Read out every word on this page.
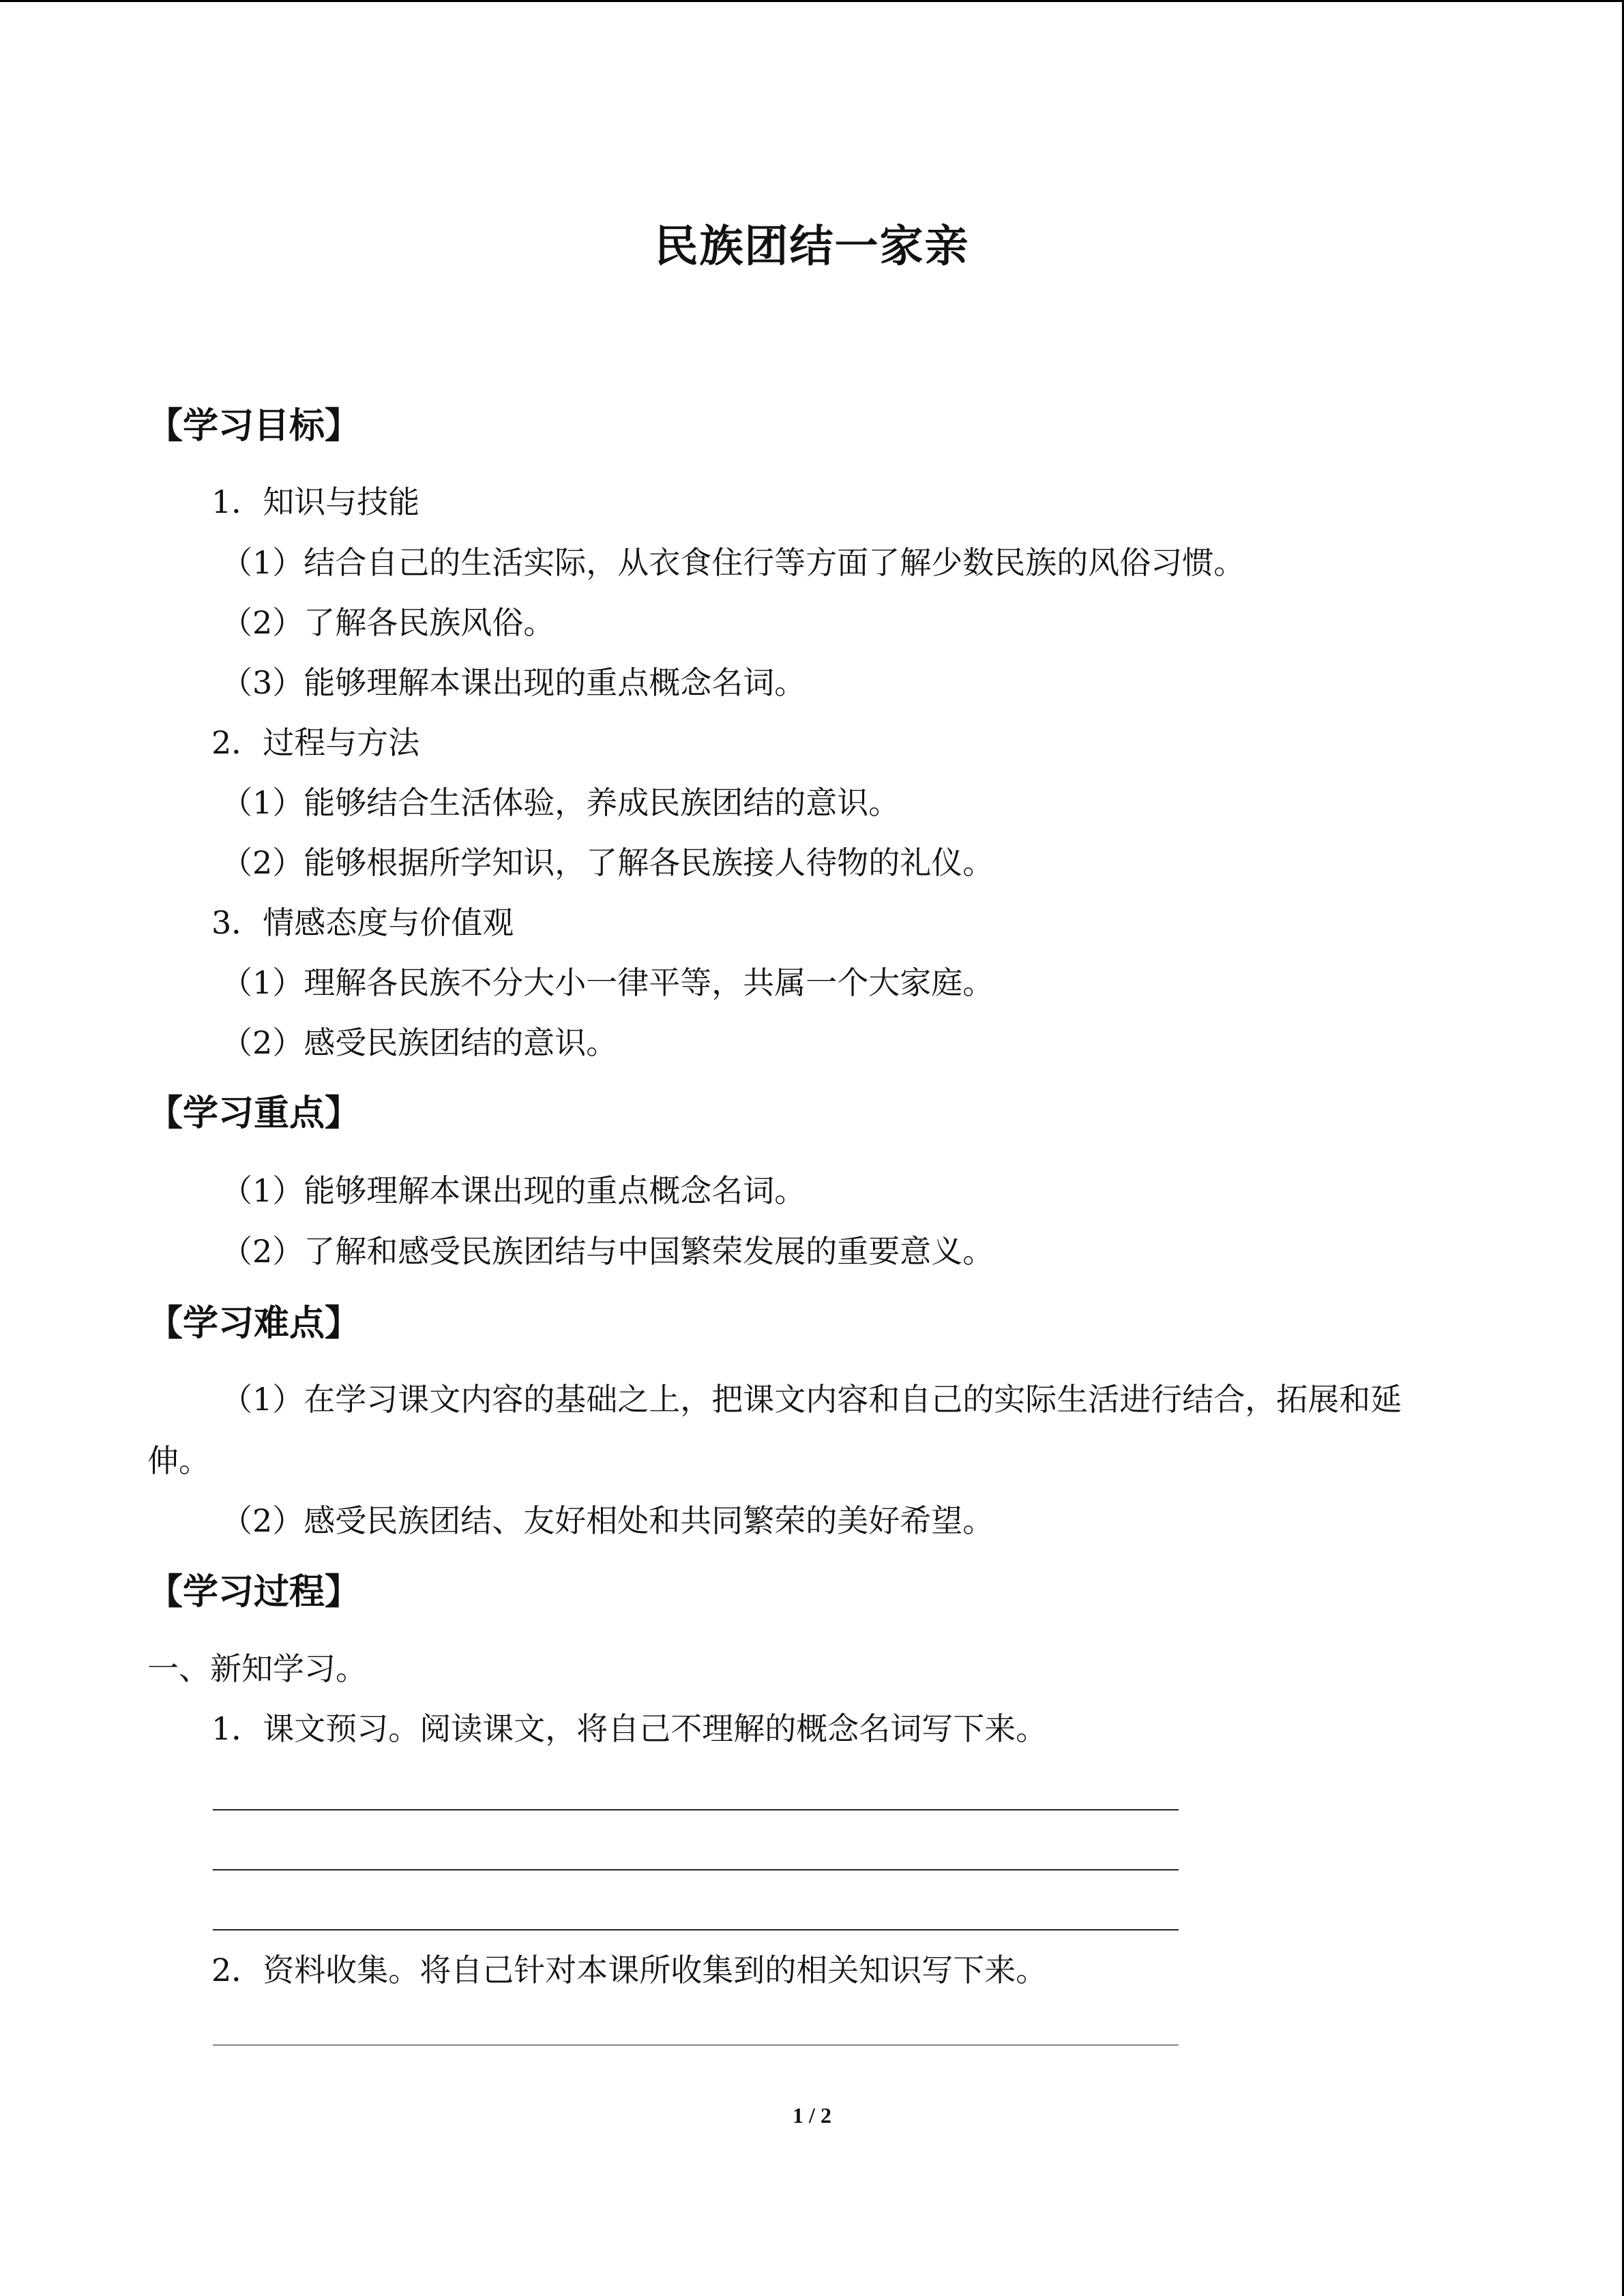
民族团结一家亲
【学习目标】
1．知识与技能
（1）结合自己的生活实际，从衣食住行等方面了解少数民族的风俗习惯。
（2）了解各民族风俗。
（3）能够理解本课出现的重点概念名词。
2．过程与方法
（1）能够结合生活体验，养成民族团结的意识。
（2）能够根据所学知识，了解各民族接人待物的礼仪。
3．情感态度与价值观
（1）理解各民族不分大小一律平等，共属一个大家庭。
（2）感受民族团结的意识。
【学习重点】
（1）能够理解本课出现的重点概念名词。
（2）了解和感受民族团结与中国繁荣发展的重要意义。
【学习难点】
（1）在学习课文内容的基础之上，把课文内容和自己的实际生活进行结合，拓展和延
伸。
（2）感受民族团结、友好相处和共同繁荣的美好希望。
【学习过程】
一、新知学习。
1．课文预习。阅读课文，将自己不理解的概念名词写下来。
2．资料收集。将自己针对本课所收集到的相关知识写下来。
1 / 2
